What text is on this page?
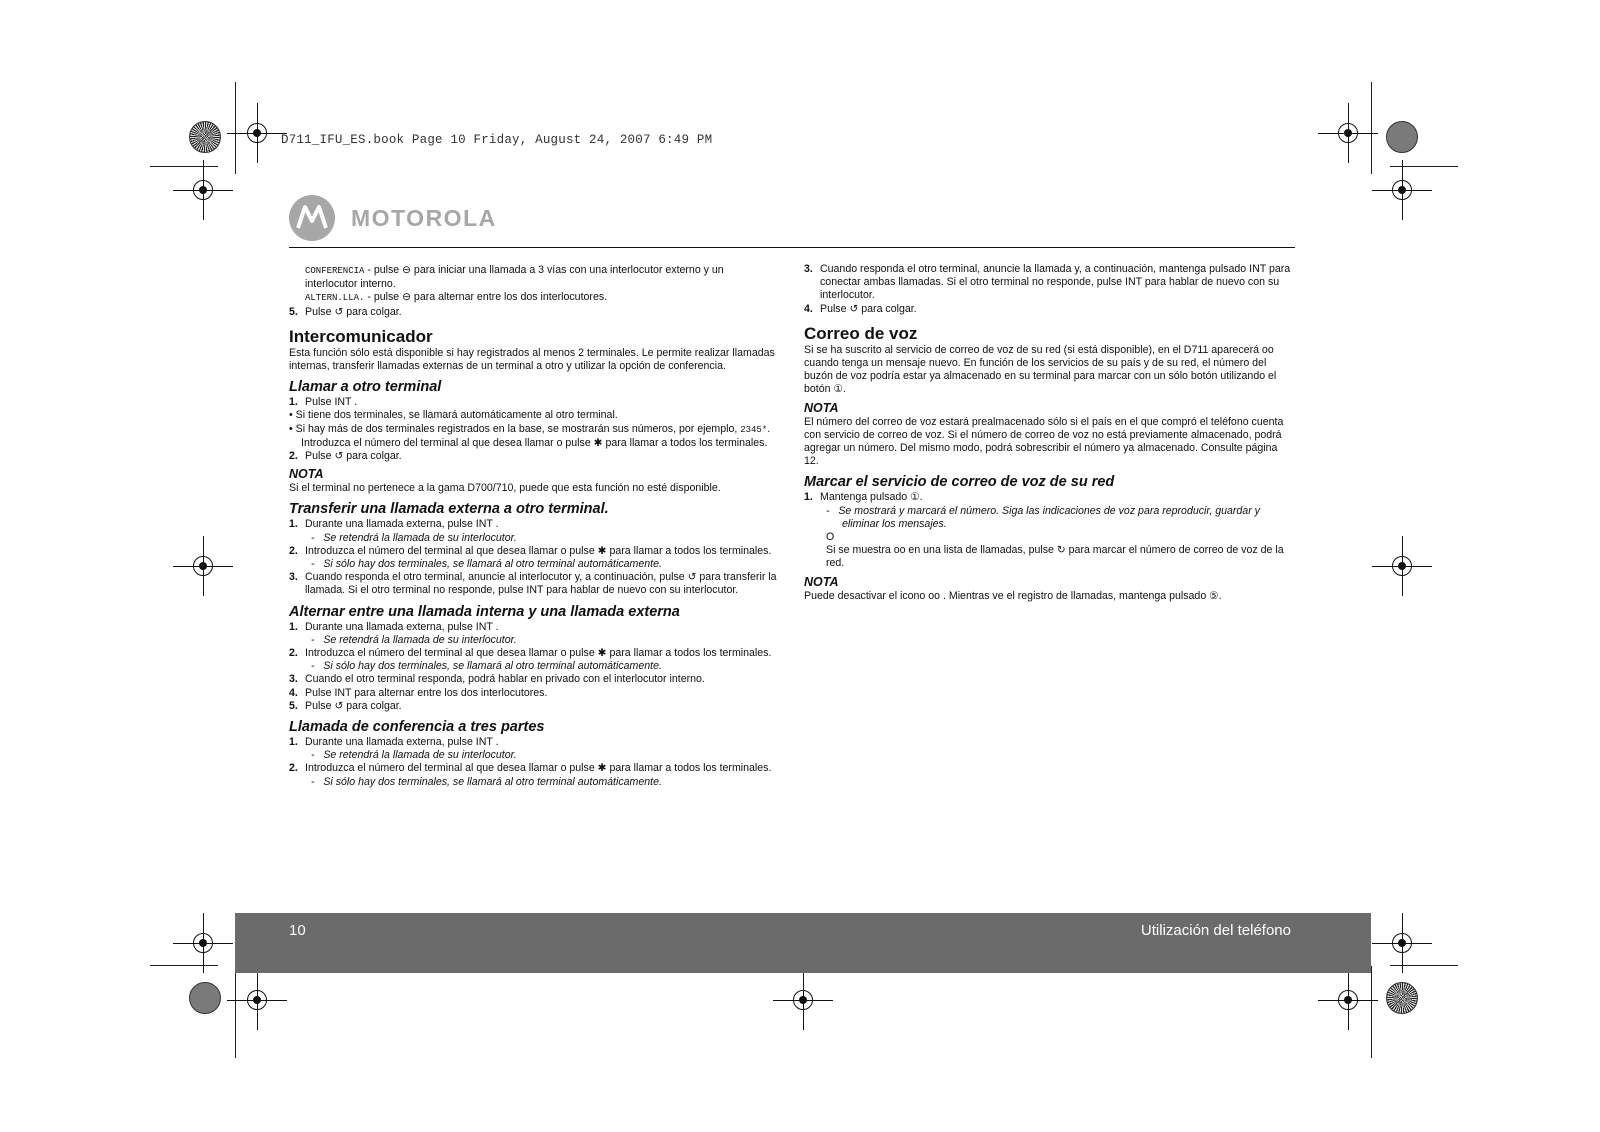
D711_IFU_ES.book Page 10 Friday, August 24, 2007 6:49 PM
MOTOROLA

CONFERENCIA - pulse ⊖ para iniciar una llamada a 3 vías con una interlocutor externo y un interlocutor interno.

ALTERN.LLA. - pulse ⊖ para alternar entre los dos interlocutores.

5. Pulse ↺ para colgar.

Intercomunicador

Esta función sólo está disponible si hay registrados al menos 2 terminales. Le permite realizar llamadas internas, transferir llamadas externas de un terminal a otro y utilizar la opción de conferencia.

Llamar a otro terminal

1. Pulse INT .

• Si tiene dos terminales, se llamará automáticamente al otro terminal.

• Si hay más de dos terminales registrados en la base, se mostrarán sus números, por ejemplo, 2345*. Introduzca el número del terminal al que desea llamar o pulse ✱ para llamar a todos los terminales.

2. Pulse ↺ para colgar.

NOTA

Si el terminal no pertenece a la gama D700/710, puede que esta función no esté disponible.

Transferir una llamada externa a otro terminal.

1. Durante una llamada externa, pulse INT .

-   Se retendrá la llamada de su interlocutor.

2. Introduzca el número del terminal al que desea llamar o pulse ✱ para llamar a todos los terminales.

-   Si sólo hay dos terminales, se llamará al otro terminal automáticamente.

3. Cuando responda el otro terminal, anuncie al interlocutor y, a continuación, pulse ↺ para transferir la llamada. Si el otro terminal no responde, pulse INT para hablar de nuevo con su interlocutor.

Alternar entre una llamada interna y una llamada externa

1. Durante una llamada externa, pulse INT .

-   Se retendrá la llamada de su interlocutor.

2. Introduzca el número del terminal al que desea llamar o pulse ✱ para llamar a todos los terminales.

-   Si sólo hay dos terminales, se llamará al otro terminal automáticamente.

3. Cuando el otro terminal responda, podrá hablar en privado con el interlocutor interno.

4. Pulse INT para alternar entre los dos interlocutores.

5. Pulse ↺ para colgar.

Llamada de conferencia a tres partes

1. Durante una llamada externa, pulse INT .

-   Se retendrá la llamada de su interlocutor.

2. Introduzca el número del terminal al que desea llamar o pulse ✱ para llamar a todos los terminales.

-   Si sólo hay dos terminales, se llamará al otro terminal automáticamente.

3. Cuando responda el otro terminal, anuncie la llamada y, a continuación, mantenga pulsado INT para conectar ambas llamadas. Si el otro terminal no responde, pulse INT para hablar de nuevo con su interlocutor.

4. Pulse ↺ para colgar.

Correo de voz

Si se ha suscrito al servicio de correo de voz de su red (si está disponible), en el D711 aparecerá oo cuando tenga un mensaje nuevo. En función de los servicios de su país y de su red, el número del buzón de voz podría estar ya almacenado en su terminal para marcar con un sólo botón utilizando el botón ①.

NOTA

El número del correo de voz estará prealmacenado sólo si el país en el que compró el teléfono cuenta con servicio de correo de voz. Si el número de correo de voz no está previamente almacenado, podrá agregar un número. Del mismo modo, podrá sobrescribir el número ya almacenado. Consulte página 12.

Marcar el servicio de correo de voz de su red

1. Mantenga pulsado ①.

-   Se mostrará y marcará el número. Siga las indicaciones de voz para reproducir, guardar y eliminar los mensajes.

O

Si se muestra oo en una lista de llamadas, pulse ↻ para marcar el número de correo de voz de la red.

NOTA

Puede desactivar el icono oo . Mientras ve el registro de llamadas, mantenga pulsado ⑤.

10	Utilización del teléfono
